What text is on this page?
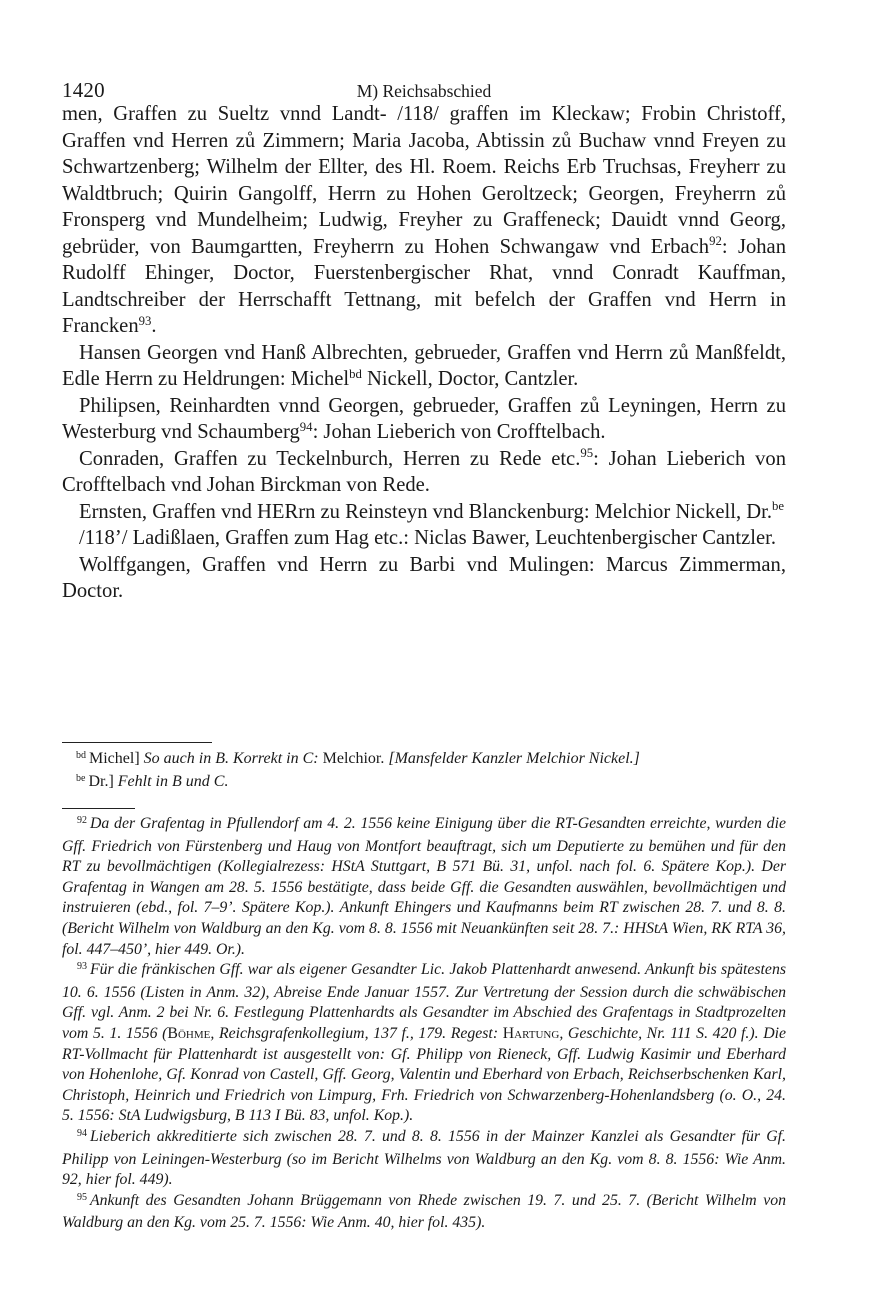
1420	M) Reichsabschied

men, Graffen zu Sueltz vnnd Landt- /118/ graffen im Kleckaw; Frobin Christoff, Graffen vnd Herren zů Zimmern; Maria Jacoba, Abtissin zů Buchaw vnnd Freyen zu Schwartzenberg; Wilhelm der Ellter, des Hl. Roem. Reichs Erb Truchsas, Freyherr zu Waldtbruch; Quirin Gangolff, Herrn zu Hohen Geroltzeck; Georgen, Freyherrn zů Fronsperg vnd Mundelheim; Ludwig, Freyher zu Graffeneck; Dauidt vnnd Georg, gebrüder, von Baumgartten, Freyherrn zu Hohen Schwangaw vnd Erbach$^{92}$: Johan Rudolff Ehinger, Doctor, Fuerstenbergischer Rhat, vnnd Conradt Kauffman, Landtschreiber der Herrschafft Tettnang, mit befelch der Graffen vnd Herrn in Francken$^{93}$.

Hansen Georgen vnd Hanß Albrechten, gebrueder, Graffen vnd Herrn zů Manßfeldt, Edle Herrn zu Heldrungen: Michel$^{bd}$ Nickell, Doctor, Cantzler.

Philipsen, Reinhardten vnnd Georgen, gebrueder, Graffen zů Leyningen, Herrn zu Westerburg vnd Schaumberg$^{94}$: Johan Lieberich von Crofftelbach.

Conraden, Graffen zu Teckelnburch, Herren zu Rede etc.$^{95}$: Johan Lieberich von Crofftelbach vnd Johan Birckman von Rede.

Ernsten, Graffen vnd HERrn zu Reinsteyn vnd Blanckenburg: Melchior Nickell, Dr.$^{be}$

/118’/ Ladißlaen, Graffen zum Hag etc.: Niclas Bawer, Leuchtenbergischer Cantzler.

Wolffgangen, Graffen vnd Herrn zu Barbi vnd Mulingen: Marcus Zimmerman, Doctor.

$^{bd}$ Michel] So auch in B. Korrekt in C: Melchior. [Mansfelder Kanzler Melchior Nickel.]

$^{be}$ Dr.] Fehlt in B und C.

$^{92}$ Da der Grafentag in Pfullendorf am 4. 2. 1556 keine Einigung über die RT-Gesandten erreichte, wurden die Gff. Friedrich von Fürstenberg und Haug von Montfort beauftragt, sich um Deputierte zu bemühen und für den RT zu bevollmächtigen (Kollegialrezess: HStA Stuttgart, B 571 Bü. 31, unfol. nach fol. 6. Spätere Kop.). Der Grafentag in Wangen am 28. 5. 1556 bestätigte, dass beide Gff. die Gesandten auswählen, bevollmächtigen und instruieren (ebd., fol. 7–9’. Spätere Kop.). Ankunft Ehingers und Kaufmanns beim RT zwischen 28. 7. und 8. 8. (Bericht Wilhelm von Waldburg an den Kg. vom 8. 8. 1556 mit Neuankünften seit 28. 7.: HHStA Wien, RK RTA 36, fol. 447–450’, hier 449. Or.).

$^{93}$ Für die fränkischen Gff. war als eigener Gesandter Lic. Jakob Plattenhardt anwesend. Ankunft bis spätestens 10. 6. 1556 (Listen in Anm. 32), Abreise Ende Januar 1557. Zur Vertretung der Session durch die schwäbischen Gff. vgl. Anm. 2 bei Nr. 6. Festlegung Plattenhardts als Gesandter im Abschied des Grafentags in Stadtprozelten vom 5. 1. 1556 (Böhme, Reichsgrafenkollegium, 137 f., 179. Regest: Hartung, Geschichte, Nr. 111 S. 420 f.). Die RT-Vollmacht für Plattenhardt ist ausgestellt von: Gf. Philipp von Rieneck, Gff. Ludwig Kasimir und Eberhard von Hohenlohe, Gf. Konrad von Castell, Gff. Georg, Valentin und Eberhard von Erbach, Reichserbschenken Karl, Christoph, Heinrich und Friedrich von Limpurg, Frh. Friedrich von Schwarzenberg-Hohenlandsberg (o. O., 24. 5. 1556: StA Ludwigsburg, B 113 I Bü. 83, unfol. Kop.).

$^{94}$ Lieberich akkreditierte sich zwischen 28. 7. und 8. 8. 1556 in der Mainzer Kanzlei als Gesandter für Gf. Philipp von Leiningen-Westerburg (so im Bericht Wilhelms von Waldburg an den Kg. vom 8. 8. 1556: Wie Anm. 92, hier fol. 449).

$^{95}$ Ankunft des Gesandten Johann Brüggemann von Rhede zwischen 19. 7. und 25. 7. (Bericht Wilhelm von Waldburg an den Kg. vom 25. 7. 1556: Wie Anm. 40, hier fol. 435).
